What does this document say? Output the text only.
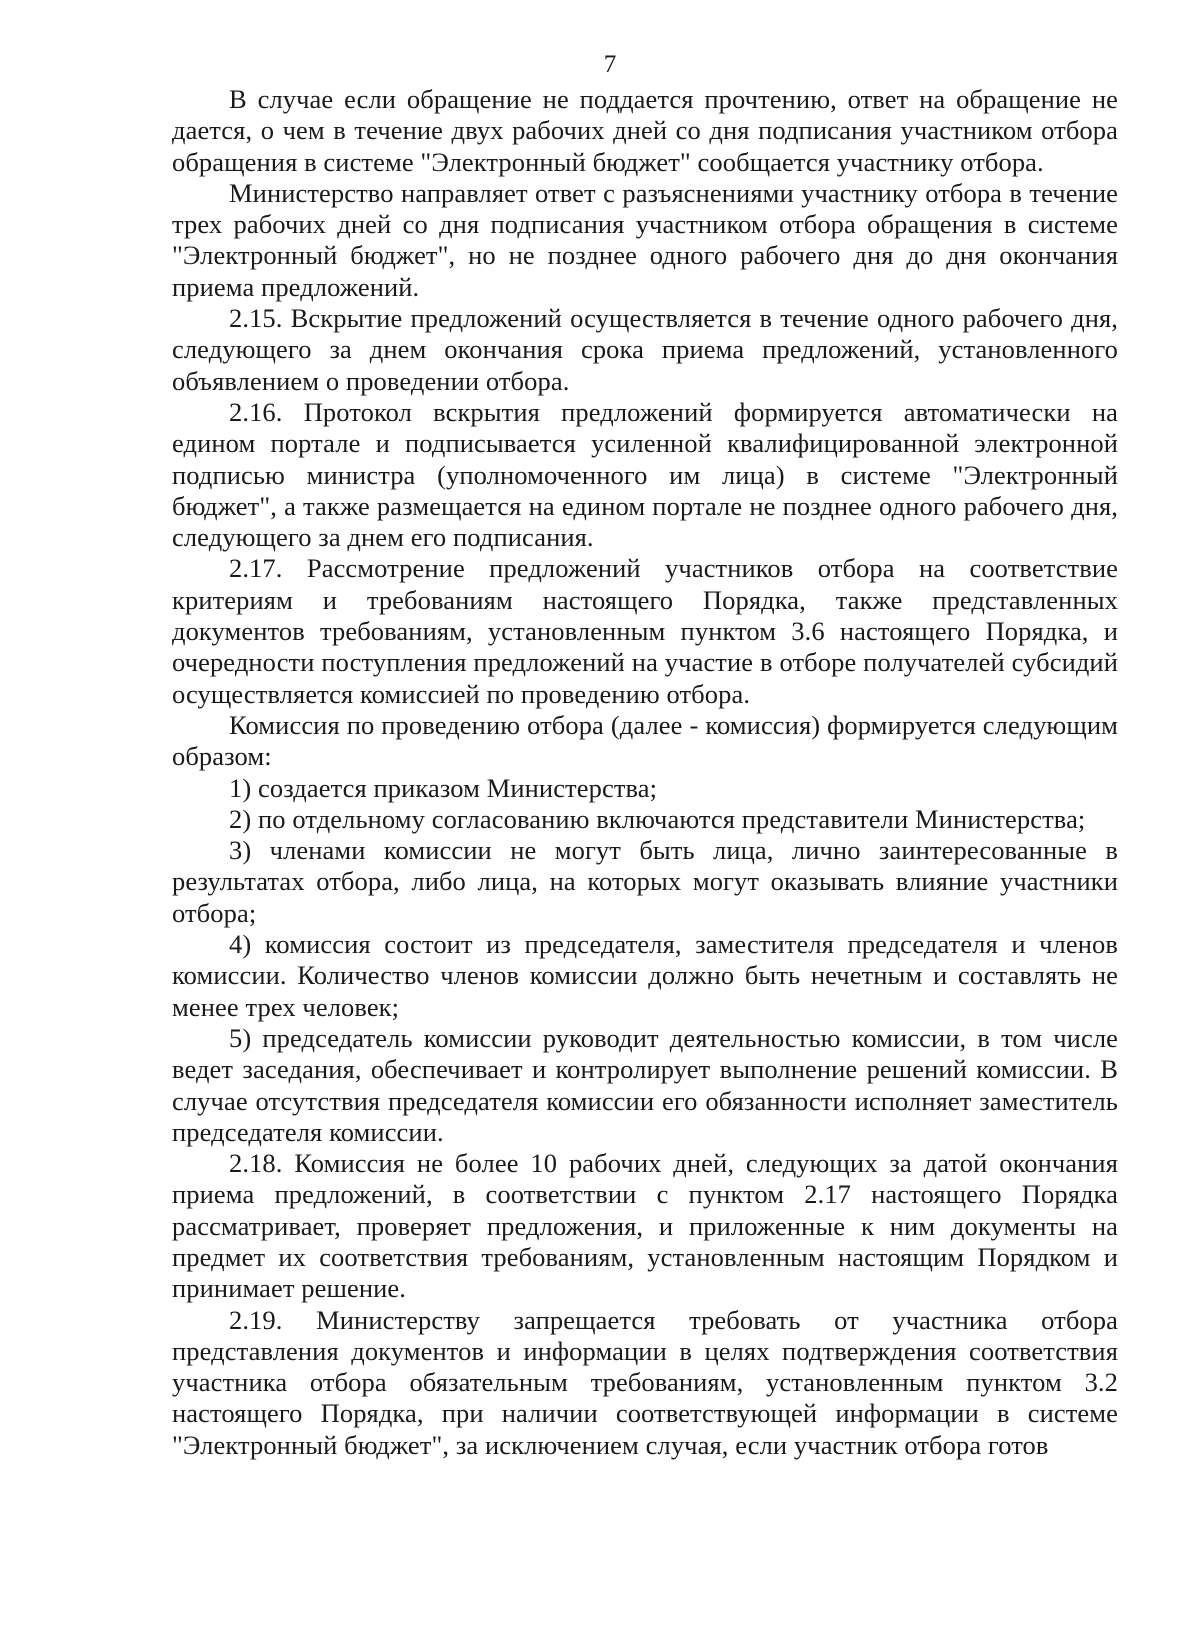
7

В случае если обращение не поддается прочтению, ответ на обращение не дается, о чем в течение двух рабочих дней со дня подписания участником отбора обращения в системе "Электронный бюджет" сообщается участнику отбора.

Министерство направляет ответ с разъяснениями участнику отбора в течение трех рабочих дней со дня подписания участником отбора обращения в системе "Электронный бюджет", но не позднее одного рабочего дня до дня окончания приема предложений.

2.15. Вскрытие предложений осуществляется в течение одного рабочего дня, следующего за днем окончания срока приема предложений, установленного объявлением о проведении отбора.

2.16. Протокол вскрытия предложений формируется автоматически на едином портале и подписывается усиленной квалифицированной электронной подписью министра (уполномоченного им лица) в системе "Электронный бюджет", а также размещается на едином портале не позднее одного рабочего дня, следующего за днем его подписания.

2.17. Рассмотрение предложений участников отбора на соответствие критериям и требованиям настоящего Порядка, также представленных документов требованиям, установленным пунктом 3.6 настоящего Порядка, и очередности поступления предложений на участие в отборе получателей субсидий осуществляется комиссией по проведению отбора.

Комиссия по проведению отбора (далее - комиссия) формируется следующим образом:

1) создается приказом Министерства;

2) по отдельному согласованию включаются представители Министерства;

3) членами комиссии не могут быть лица, лично заинтересованные в результатах отбора, либо лица, на которых могут оказывать влияние участники отбора;

4) комиссия состоит из председателя, заместителя председателя и членов комиссии. Количество членов комиссии должно быть нечетным и составлять не менее трех человек;

5) председатель комиссии руководит деятельностью комиссии, в том числе ведет заседания, обеспечивает и контролирует выполнение решений комиссии. В случае отсутствия председателя комиссии его обязанности исполняет заместитель председателя комиссии.

2.18. Комиссия не более 10 рабочих дней, следующих за датой окончания приема предложений, в соответствии с пунктом 2.17 настоящего Порядка рассматривает, проверяет предложения, и приложенные к ним документы на предмет их соответствия требованиям, установленным настоящим Порядком и принимает решение.

2.19. Министерству запрещается требовать от участника отбора представления документов и информации в целях подтверждения соответствия участника отбора обязательным требованиям, установленным пунктом 3.2 настоящего Порядка, при наличии соответствующей информации в системе "Электронный бюджет", за исключением случая, если участник отбора готов
